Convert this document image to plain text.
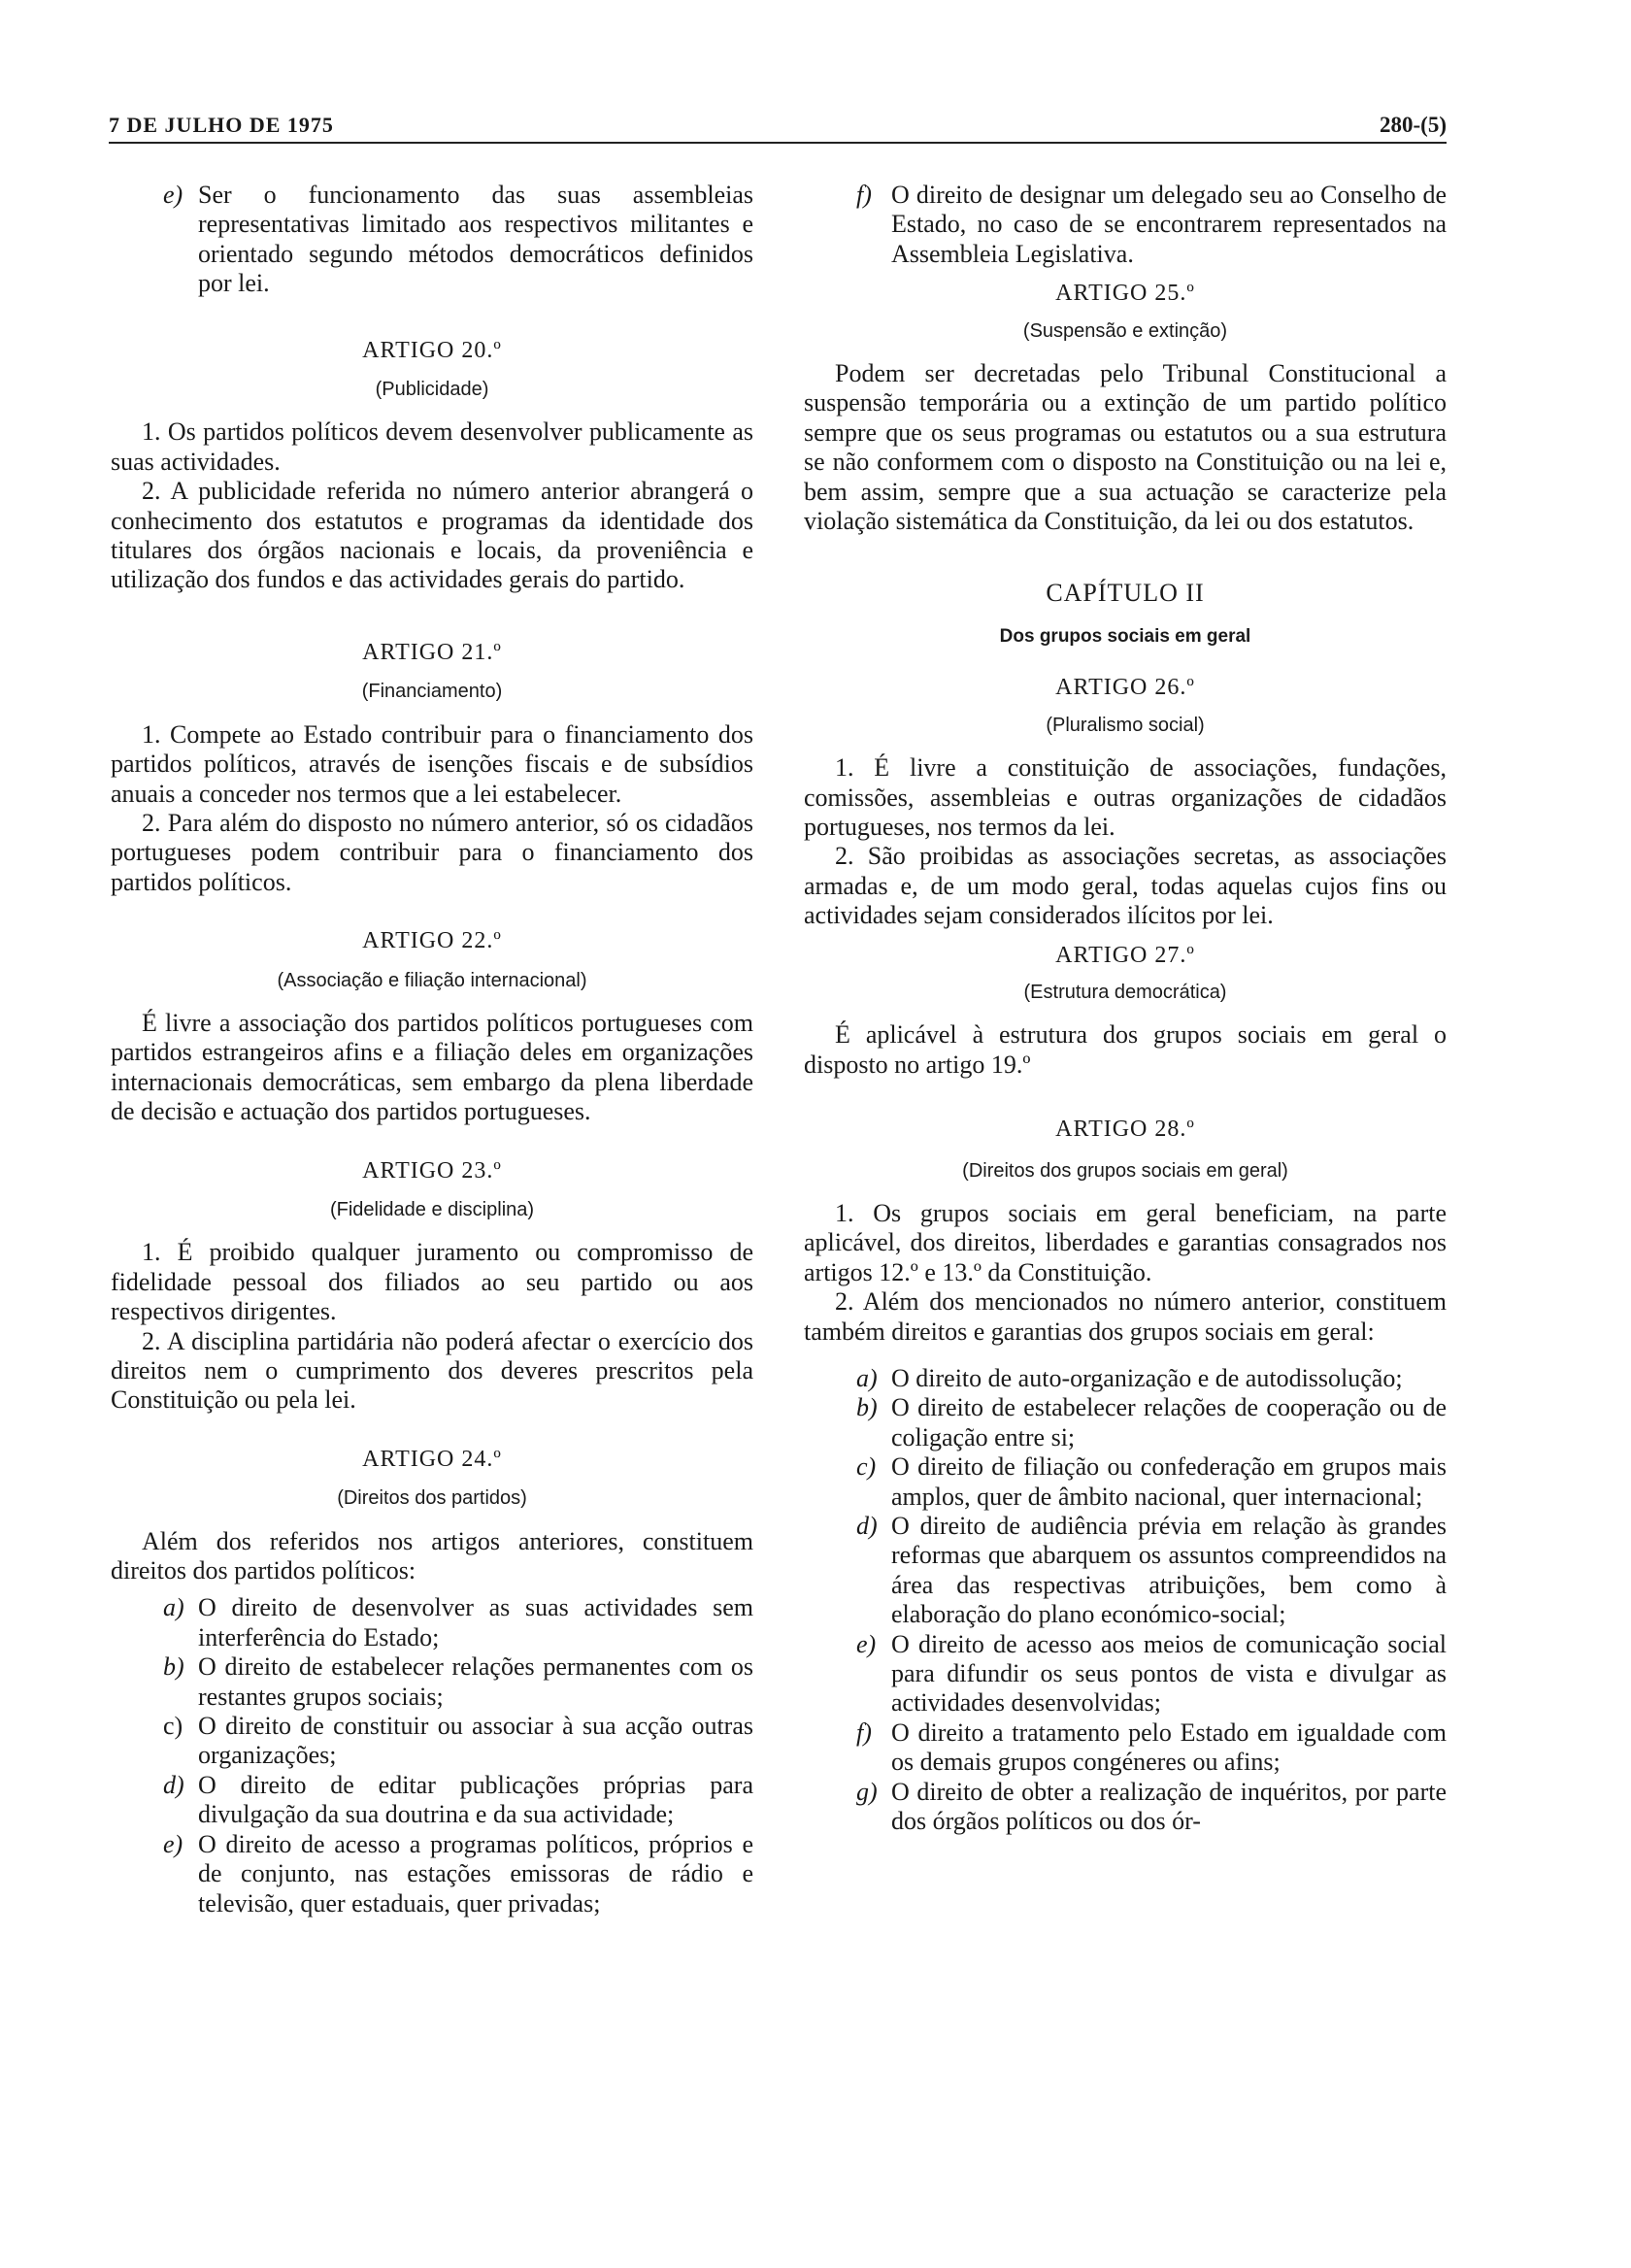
7 DE JULHO DE 1975	280-(5)

e) Ser o funcionamento das suas assembleias representativas limitado aos respectivos militantes e orientado segundo métodos democráticos definidos por lei.

ARTIGO 20.º
(Publicidade)

1. Os partidos políticos devem desenvolver publicamente as suas actividades.

2. A publicidade referida no número anterior abrangerá o conhecimento dos estatutos e programas da identidade dos titulares dos órgãos nacionais e locais, da proveniência e utilização dos fundos e das actividades gerais do partido.

ARTIGO 21.º
(Financiamento)

1. Compete ao Estado contribuir para o financiamento dos partidos políticos, através de isenções fiscais e de subsídios anuais a conceder nos termos que a lei estabelecer.

2. Para além do disposto no número anterior, só os cidadãos portugueses podem contribuir para o financiamento dos partidos políticos.

ARTIGO 22.º
(Associação e filiação internacional)

É livre a associação dos partidos políticos portugueses com partidos estrangeiros afins e a filiação deles em organizações internacionais democráticas, sem embargo da plena liberdade de decisão e actuação dos partidos portugueses.

ARTIGO 23.º
(Fidelidade e disciplina)

1. É proibido qualquer juramento ou compromisso de fidelidade pessoal dos filiados ao seu partido ou aos respectivos dirigentes.

2. A disciplina partidária não poderá afectar o exercício dos direitos nem o cumprimento dos deveres prescritos pela Constituição ou pela lei.

ARTIGO 24.º
(Direitos dos partidos)

Além dos referidos nos artigos anteriores, constituem direitos dos partidos políticos:

a) O direito de desenvolver as suas actividades sem interferência do Estado;

b) O direito de estabelecer relações permanentes com os restantes grupos sociais;

c) O direito de constituir ou associar à sua acção outras organizações;

d) O direito de editar publicações próprias para divulgação da sua doutrina e da sua actividade;

e) O direito de acesso a programas políticos, próprios e de conjunto, nas estações emissoras de rádio e televisão, quer estaduais, quer privadas;

f) O direito de designar um delegado seu ao Conselho de Estado, no caso de se encontrarem representados na Assembleia Legislativa.

ARTIGO 25.º
(Suspensão e extinção)

Podem ser decretadas pelo Tribunal Constitucional a suspensão temporária ou a extinção de um partido político sempre que os seus programas ou estatutos ou a sua estrutura se não conformem com o disposto na Constituição ou na lei e, bem assim, sempre que a sua actuação se caracterize pela violação sistemática da Constituição, da lei ou dos estatutos.

CAPÍTULO II
Dos grupos sociais em geral
ARTIGO 26.º
(Pluralismo social)

1. É livre a constituição de associações, fundações, comissões, assembleias e outras organizações de cidadãos portugueses, nos termos da lei.

2. São proibidas as associações secretas, as associações armadas e, de um modo geral, todas aquelas cujos fins ou actividades sejam considerados ilícitos por lei.

ARTIGO 27.º
(Estrutura democrática)

É aplicável à estrutura dos grupos sociais em geral o disposto no artigo 19.º

ARTIGO 28.º
(Direitos dos grupos sociais em geral)

1. Os grupos sociais em geral beneficiam, na parte aplicável, dos direitos, liberdades e garantias consagrados nos artigos 12.º e 13.º da Constituição.

2. Além dos mencionados no número anterior, constituem também direitos e garantias dos grupos sociais em geral:

a) O direito de auto-organização e de autodissolução;

b) O direito de estabelecer relações de cooperação ou de coligação entre si;

c) O direito de filiação ou confederação em grupos mais amplos, quer de âmbito nacional, quer internacional;

d) O direito de audiência prévia em relação às grandes reformas que abarquem os assuntos compreendidos na área das respectivas atribuições, bem como à elaboração do plano económico-social;

e) O direito de acesso aos meios de comunicação social para difundir os seus pontos de vista e divulgar as actividades desenvolvidas;

f) O direito a tratamento pelo Estado em igualdade com os demais grupos congéneres ou afins;

g) O direito de obter a realização de inquéritos, por parte dos órgãos políticos ou dos ór-
